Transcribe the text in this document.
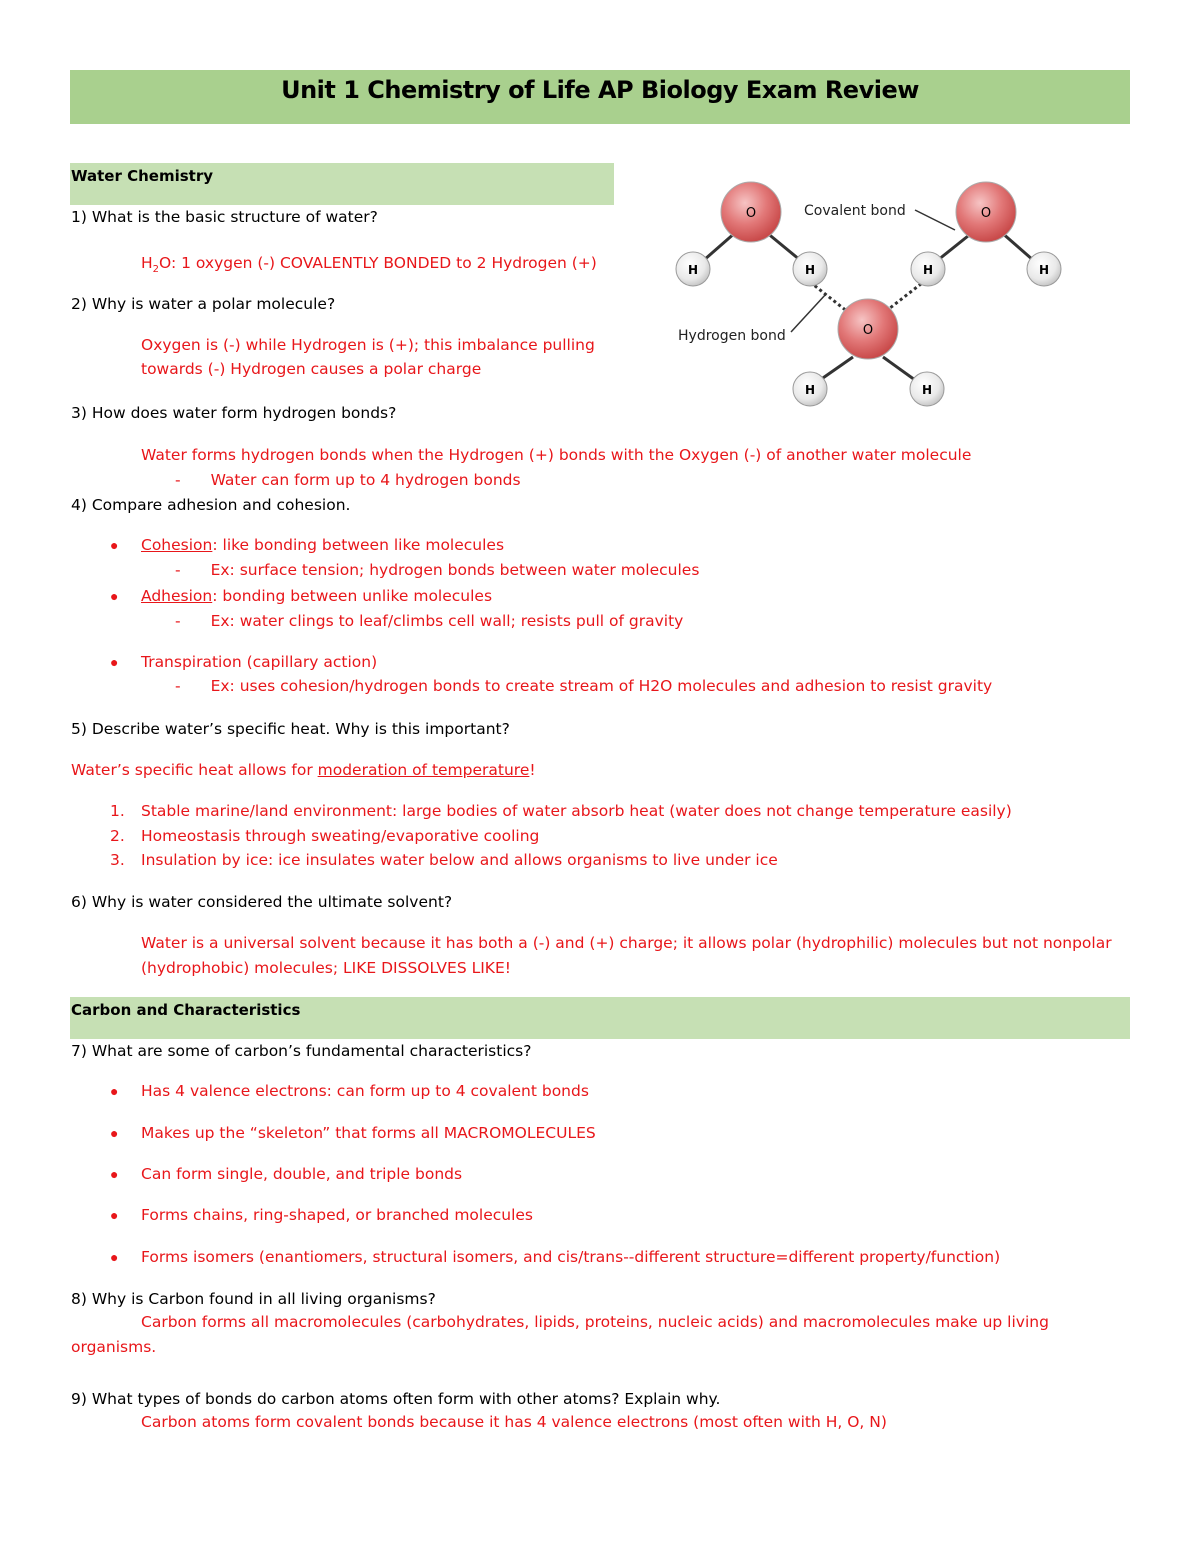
Unit 1 Chemistry of Life AP Biology Exam Review
Water Chemistry
O	O
O
H	H	H	H
H	H
Covalent bond
Hydrogen bond
1) What is the basic structure of water?
$H_2O$: 1 oxygen (-) COVALENTLY BONDED to 2 Hydrogen (+)
2) Why is water a polar molecule?
Oxygen is (-) while Hydrogen is (+); this imbalance pulling
towards (-) Hydrogen causes a polar charge
3) How does water form hydrogen bonds?
Water forms hydrogen bonds when the Hydrogen (+) bonds with the Oxygen (-) of another water molecule
- Water can form up to 4 hydrogen bonds
4) Compare adhesion and cohesion.
● Cohesion: like bonding between like molecules
- Ex: surface tension; hydrogen bonds between water molecules
● Adhesion: bonding between unlike molecules
- Ex: water clings to leaf/climbs cell wall; resists pull of gravity
● Transpiration (capillary action)
- Ex: uses cohesion/hydrogen bonds to create stream of H2O molecules and adhesion to resist gravity
5) Describe water’s specific heat. Why is this important?
Water’s specific heat allows for moderation of temperature!
1. Stable marine/land environment: large bodies of water absorb heat (water does not change temperature easily)
2. Homeostasis through sweating/evaporative cooling
3. Insulation by ice: ice insulates water below and allows organisms to live under ice
6) Why is water considered the ultimate solvent?
Water is a universal solvent because it has both a (-) and (+) charge; it allows polar (hydrophilic) molecules but not nonpolar
(hydrophobic) molecules; LIKE DISSOLVES LIKE!
Carbon and Characteristics
7) What are some of carbon’s fundamental characteristics?
● Has 4 valence electrons: can form up to 4 covalent bonds
● Makes up the “skeleton” that forms all MACROMOLECULES
● Can form single, double, and triple bonds
● Forms chains, ring-shaped, or branched molecules
● Forms isomers (enantiomers, structural isomers, and cis/trans--different structure=different property/function)
8) Why is Carbon found in all living organisms?
Carbon forms all macromolecules (carbohydrates, lipids, proteins, nucleic acids) and macromolecules make up living
organisms.
9) What types of bonds do carbon atoms often form with other atoms? Explain why.
Carbon atoms form covalent bonds because it has 4 valence electrons (most often with H, O, N)
